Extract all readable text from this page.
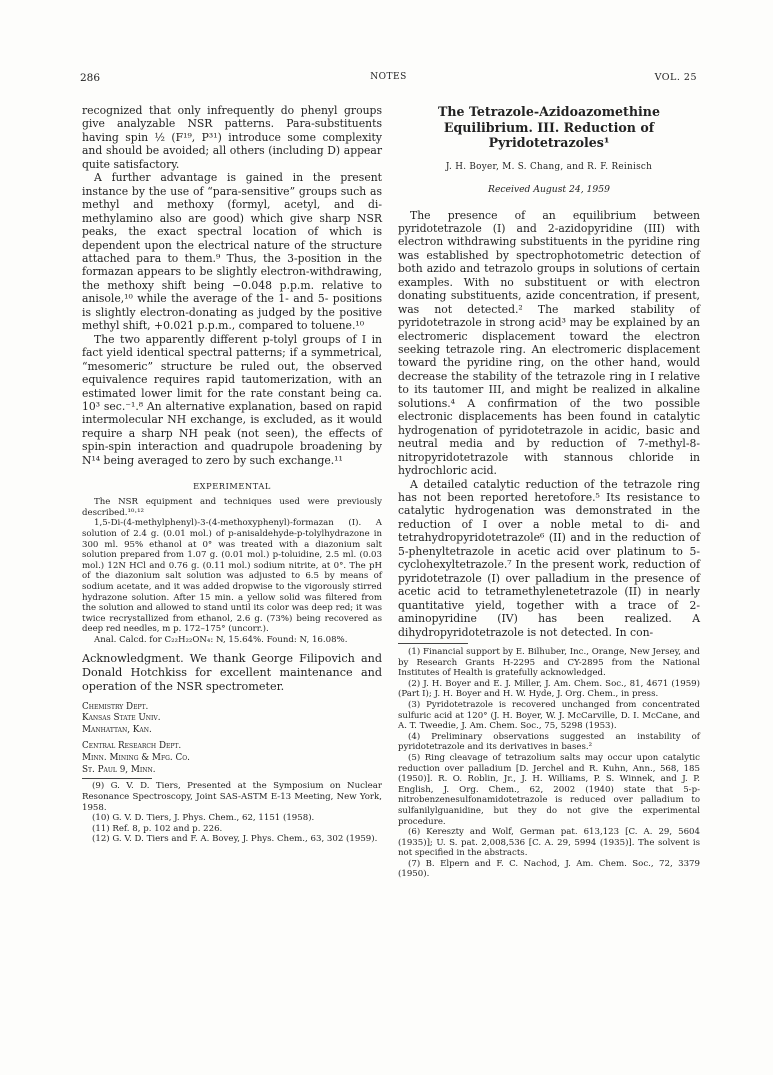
286	NOTES	VOL. 25

recognized that only infrequently do phenyl groups give analyzable NSR patterns. Para-substituents having spin ½ (F¹⁹, P³¹) introduce some complexity and should be avoided; all others (including D) appear quite satisfactory.

A further advantage is gained in the present instance by the use of “para-sensitive” groups such as methyl and methoxy (formyl, acetyl, and di-methylamino also are good) which give sharp NSR peaks, the exact spectral location of which is dependent upon the electrical nature of the structure attached para to them.⁹ Thus, the 3-position in the formazan appears to be slightly electron-withdrawing, the methoxy shift being −0.048 p.p.m. relative to anisole,¹⁰ while the average of the 1- and 5- positions is slightly electron-donating as judged by the positive methyl shift, +0.021 p.p.m., compared to toluene.¹⁰

The two apparently different p-tolyl groups of I in fact yield identical spectral patterns; if a symmetrical, “mesomeric” structure be ruled out, the observed equivalence requires rapid tautomerization, with an estimated lower limit for the rate constant being ca. 10³ sec.⁻¹.⁸ An alternative explanation, based on rapid intermolecular NH exchange, is excluded, as it would require a sharp NH peak (not seen), the effects of spin-spin interaction and quadrupole broadening by N¹⁴ being averaged to zero by such exchange.¹¹

EXPERIMENTAL

The NSR equipment and techniques used were previously described.¹⁰·¹²

1,5-Di-(4-methylphenyl)-3-(4-methoxyphenyl)-formazan (I). A solution of 2.4 g. (0.01 mol.) of p-anisaldehyde-p-tolylhydrazone in 300 ml. 95% ethanol at 0° was treated with a diazonium salt solution prepared from 1.07 g. (0.01 mol.) p-toluidine, 2.5 ml. (0.03 mol.) 12N HCl and 0.76 g. (0.11 mol.) sodium nitrite, at 0°. The pH of the diazonium salt solution was adjusted to 6.5 by means of sodium acetate, and it was added dropwise to the vigorously stirred hydrazone solution. After 15 min. a yellow solid was filtered from the solution and allowed to stand until its color was deep red; it was twice recrystallized from ethanol, 2.6 g. (73%) being recovered as deep red needles, m p. 172–175° (uncorr.).

Anal. Calcd. for C₂₂H₂₂ON₄: N, 15.64%. Found: N, 16.08%.

Acknowledgment. We thank George Filipovich and Donald Hotchkiss for excellent maintenance and operation of the NSR spectrometer.

Chemistry Dept.
Kansas State Univ.
Manhattan, Kan.
Central Research Dept.
Minn. Mining & Mfg. Co.
St. Paul 9, Minn.

(9) G. V. D. Tiers, Presented at the Symposium on Nuclear Resonance Spectroscopy, Joint SAS-ASTM E-13 Meeting, New York, 1958.

(10) G. V. D. Tiers, J. Phys. Chem., 62, 1151 (1958).

(11) Ref. 8, p. 102 and p. 226.

(12) G. V. D. Tiers and F. A. Bovey, J. Phys. Chem., 63, 302 (1959).

The Tetrazole-Azidoazomethine Equilibrium. III. Reduction of Pyridotetrazoles¹
J. H. Boyer, M. S. Chang, and R. F. Reinisch
Received August 24, 1959

The presence of an equilibrium between pyridotetrazole (I) and 2-azidopyridine (III) with electron withdrawing substituents in the pyridine ring was established by spectrophotometric detection of both azido and tetrazolo groups in solutions of certain examples. With no substituent or with electron donating substituents, azide concentration, if present, was not detected.² The marked stability of pyridotetrazole in strong acid³ may be explained by an electromeric displacement toward the electron seeking tetrazole ring. An electromeric displacement toward the pyridine ring, on the other hand, would decrease the stability of the tetrazole ring in I relative to its tautomer III, and might be realized in alkaline solutions.⁴ A confirmation of the two possible electronic displacements has been found in catalytic hydrogenation of pyridotetrazole in acidic, basic and neutral media and by reduction of 7-methyl-8-nitropyridotetrazole with stannous chloride in hydrochloric acid.

A detailed catalytic reduction of the tetrazole ring has not been reported heretofore.⁵ Its resistance to catalytic hydrogenation was demonstrated in the reduction of I over a noble metal to di- and tetrahydropyridotetrazole⁶ (II) and in the reduction of 5-phenyltetrazole in acetic acid over platinum to 5-cyclohexyltetrazole.⁷ In the present work, reduction of pyridotetrazole (I) over palladium in the presence of acetic acid to tetramethylenetetrazole (II) in nearly quantitative yield, together with a trace of 2-aminopyridine (IV) has been realized. A dihydropyridotetrazole is not detected. In con-

(1) Financial support by E. Bilhuber, Inc., Orange, New Jersey, and by Research Grants H-2295 and CY-2895 from the National Institutes of Health is gratefully acknowledged.

(2) J. H. Boyer and E. J. Miller, J. Am. Chem. Soc., 81, 4671 (1959) (Part I); J. H. Boyer and H. W. Hyde, J. Org. Chem., in press.

(3) Pyridotetrazole is recovered unchanged from concentrated sulfuric acid at 120° (J. H. Boyer, W. J. McCarville, D. I. McCane, and A. T. Tweedie, J. Am. Chem. Soc., 75, 5298 (1953).

(4) Preliminary observations suggested an instability of pyridotetrazole and its derivatives in bases.²

(5) Ring cleavage of tetrazolium salts may occur upon catalytic reduction over palladium [D. Jerchel and R. Kuhn, Ann., 568, 185 (1950)]. R. O. Roblin, Jr., J. H. Williams, P. S. Winnek, and J. P. English, J. Org. Chem., 62, 2002 (1940) state that 5-p-nitrobenzenesulfonamidotetrazole is reduced over palladium to sulfanilylguanidine, but they do not give the experimental procedure.

(6) Kereszty and Wolf, German pat. 613,123 [C. A. 29, 5604 (1935)]; U. S. pat. 2,008,536 [C. A. 29, 5994 (1935)]. The solvent is not specified in the abstracts.

(7) B. Elpern and F. C. Nachod, J. Am. Chem. Soc., 72, 3379 (1950).
